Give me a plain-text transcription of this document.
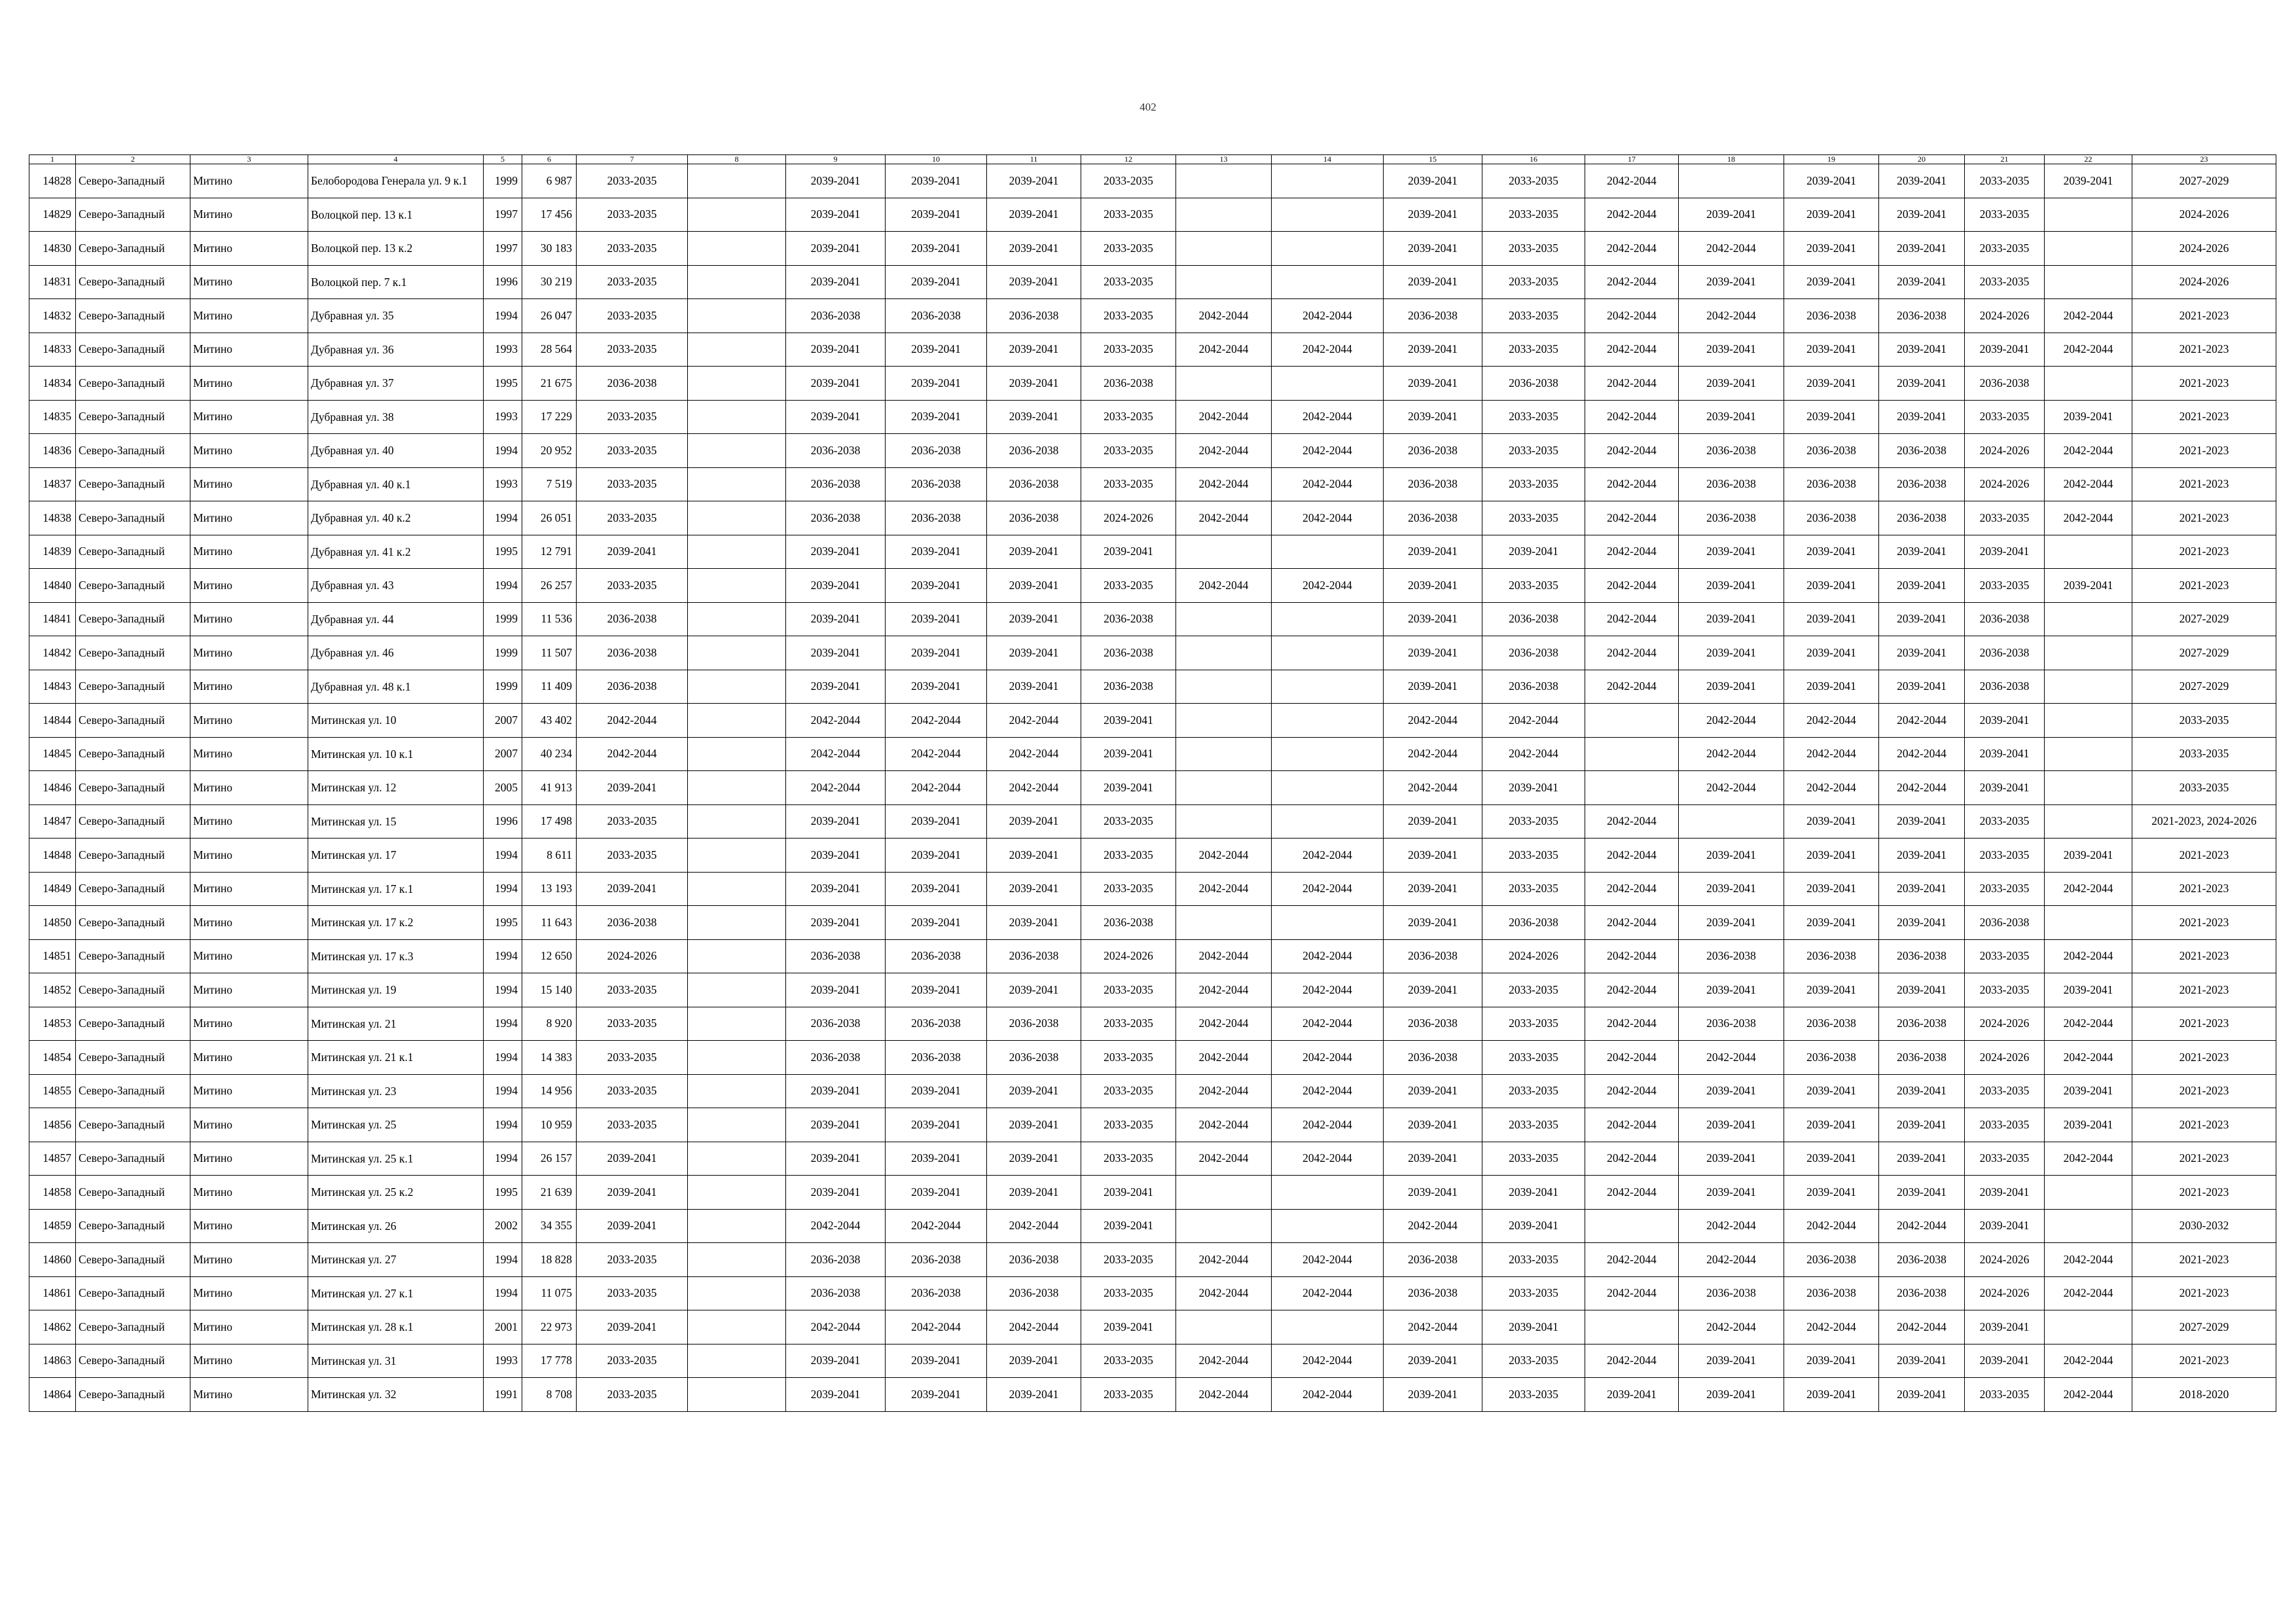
402
1	2	3	4	5	6	7	8	9	10	11	12	13	14	15	16	17	18	19	20	21	22	23
14828	Северо-Западный	Митино	Белобородова Генерала ул. 9 к.1	1999	6 987	2033-2035		2039-2041	2039-2041	2039-2041	2033-2035			2039-2041	2033-2035	2042-2044		2039-2041	2039-2041	2033-2035	2039-2041	2027-2029
14829	Северо-Западный	Митино	Волоцкой пер. 13 к.1	1997	17 456	2033-2035		2039-2041	2039-2041	2039-2041	2033-2035			2039-2041	2033-2035	2042-2044	2039-2041	2039-2041	2039-2041	2033-2035		2024-2026
14830	Северо-Западный	Митино	Волоцкой пер. 13 к.2	1997	30 183	2033-2035		2039-2041	2039-2041	2039-2041	2033-2035			2039-2041	2033-2035	2042-2044	2042-2044	2039-2041	2039-2041	2033-2035		2024-2026
14831	Северо-Западный	Митино	Волоцкой пер. 7 к.1	1996	30 219	2033-2035		2039-2041	2039-2041	2039-2041	2033-2035			2039-2041	2033-2035	2042-2044	2039-2041	2039-2041	2039-2041	2033-2035		2024-2026
14832	Северо-Западный	Митино	Дубравная ул. 35	1994	26 047	2033-2035		2036-2038	2036-2038	2036-2038	2033-2035	2042-2044	2042-2044	2036-2038	2033-2035	2042-2044	2042-2044	2036-2038	2036-2038	2024-2026	2042-2044	2021-2023
14833	Северо-Западный	Митино	Дубравная ул. 36	1993	28 564	2033-2035		2039-2041	2039-2041	2039-2041	2033-2035	2042-2044	2042-2044	2039-2041	2033-2035	2042-2044	2039-2041	2039-2041	2039-2041	2039-2041	2042-2044	2021-2023
14834	Северо-Западный	Митино	Дубравная ул. 37	1995	21 675	2036-2038		2039-2041	2039-2041	2039-2041	2036-2038			2039-2041	2036-2038	2042-2044	2039-2041	2039-2041	2039-2041	2036-2038		2021-2023
14835	Северо-Западный	Митино	Дубравная ул. 38	1993	17 229	2033-2035		2039-2041	2039-2041	2039-2041	2033-2035	2042-2044	2042-2044	2039-2041	2033-2035	2042-2044	2039-2041	2039-2041	2039-2041	2033-2035	2039-2041	2021-2023
14836	Северо-Западный	Митино	Дубравная ул. 40	1994	20 952	2033-2035		2036-2038	2036-2038	2036-2038	2033-2035	2042-2044	2042-2044	2036-2038	2033-2035	2042-2044	2036-2038	2036-2038	2036-2038	2024-2026	2042-2044	2021-2023
14837	Северо-Западный	Митино	Дубравная ул. 40 к.1	1993	7 519	2033-2035		2036-2038	2036-2038	2036-2038	2033-2035	2042-2044	2042-2044	2036-2038	2033-2035	2042-2044	2036-2038	2036-2038	2036-2038	2024-2026	2042-2044	2021-2023
14838	Северо-Западный	Митино	Дубравная ул. 40 к.2	1994	26 051	2033-2035		2036-2038	2036-2038	2036-2038	2024-2026	2042-2044	2042-2044	2036-2038	2033-2035	2042-2044	2036-2038	2036-2038	2036-2038	2033-2035	2042-2044	2021-2023
14839	Северо-Западный	Митино	Дубравная ул. 41 к.2	1995	12 791	2039-2041		2039-2041	2039-2041	2039-2041	2039-2041			2039-2041	2039-2041	2042-2044	2039-2041	2039-2041	2039-2041	2039-2041		2021-2023
14840	Северо-Западный	Митино	Дубравная ул. 43	1994	26 257	2033-2035		2039-2041	2039-2041	2039-2041	2033-2035	2042-2044	2042-2044	2039-2041	2033-2035	2042-2044	2039-2041	2039-2041	2039-2041	2033-2035	2039-2041	2021-2023
14841	Северо-Западный	Митино	Дубравная ул. 44	1999	11 536	2036-2038		2039-2041	2039-2041	2039-2041	2036-2038			2039-2041	2036-2038	2042-2044	2039-2041	2039-2041	2039-2041	2036-2038		2027-2029
14842	Северо-Западный	Митино	Дубравная ул. 46	1999	11 507	2036-2038		2039-2041	2039-2041	2039-2041	2036-2038			2039-2041	2036-2038	2042-2044	2039-2041	2039-2041	2039-2041	2036-2038		2027-2029
14843	Северо-Западный	Митино	Дубравная ул. 48 к.1	1999	11 409	2036-2038		2039-2041	2039-2041	2039-2041	2036-2038			2039-2041	2036-2038	2042-2044	2039-2041	2039-2041	2039-2041	2036-2038		2027-2029
14844	Северо-Западный	Митино	Митинская ул. 10	2007	43 402	2042-2044		2042-2044	2042-2044	2042-2044	2039-2041			2042-2044	2042-2044		2042-2044	2042-2044	2042-2044	2039-2041		2033-2035
14845	Северо-Западный	Митино	Митинская ул. 10 к.1	2007	40 234	2042-2044		2042-2044	2042-2044	2042-2044	2039-2041			2042-2044	2042-2044		2042-2044	2042-2044	2042-2044	2039-2041		2033-2035
14846	Северо-Западный	Митино	Митинская ул. 12	2005	41 913	2039-2041		2042-2044	2042-2044	2042-2044	2039-2041			2042-2044	2039-2041		2042-2044	2042-2044	2042-2044	2039-2041		2033-2035
14847	Северо-Западный	Митино	Митинская ул. 15	1996	17 498	2033-2035		2039-2041	2039-2041	2039-2041	2033-2035			2039-2041	2033-2035	2042-2044		2039-2041	2039-2041	2033-2035		2021-2023, 2024-2026
14848	Северо-Западный	Митино	Митинская ул. 17	1994	8 611	2033-2035		2039-2041	2039-2041	2039-2041	2033-2035	2042-2044	2042-2044	2039-2041	2033-2035	2042-2044	2039-2041	2039-2041	2039-2041	2033-2035	2039-2041	2021-2023
14849	Северо-Западный	Митино	Митинская ул. 17 к.1	1994	13 193	2039-2041		2039-2041	2039-2041	2039-2041	2033-2035	2042-2044	2042-2044	2039-2041	2033-2035	2042-2044	2039-2041	2039-2041	2039-2041	2033-2035	2042-2044	2021-2023
14850	Северо-Западный	Митино	Митинская ул. 17 к.2	1995	11 643	2036-2038		2039-2041	2039-2041	2039-2041	2036-2038			2039-2041	2036-2038	2042-2044	2039-2041	2039-2041	2039-2041	2036-2038		2021-2023
14851	Северо-Западный	Митино	Митинская ул. 17 к.3	1994	12 650	2024-2026		2036-2038	2036-2038	2036-2038	2024-2026	2042-2044	2042-2044	2036-2038	2024-2026	2042-2044	2036-2038	2036-2038	2036-2038	2033-2035	2042-2044	2021-2023
14852	Северо-Западный	Митино	Митинская ул. 19	1994	15 140	2033-2035		2039-2041	2039-2041	2039-2041	2033-2035	2042-2044	2042-2044	2039-2041	2033-2035	2042-2044	2039-2041	2039-2041	2039-2041	2033-2035	2039-2041	2021-2023
14853	Северо-Западный	Митино	Митинская ул. 21	1994	8 920	2033-2035		2036-2038	2036-2038	2036-2038	2033-2035	2042-2044	2042-2044	2036-2038	2033-2035	2042-2044	2036-2038	2036-2038	2036-2038	2024-2026	2042-2044	2021-2023
14854	Северо-Западный	Митино	Митинская ул. 21 к.1	1994	14 383	2033-2035		2036-2038	2036-2038	2036-2038	2033-2035	2042-2044	2042-2044	2036-2038	2033-2035	2042-2044	2042-2044	2036-2038	2036-2038	2024-2026	2042-2044	2021-2023
14855	Северо-Западный	Митино	Митинская ул. 23	1994	14 956	2033-2035		2039-2041	2039-2041	2039-2041	2033-2035	2042-2044	2042-2044	2039-2041	2033-2035	2042-2044	2039-2041	2039-2041	2039-2041	2033-2035	2039-2041	2021-2023
14856	Северо-Западный	Митино	Митинская ул. 25	1994	10 959	2033-2035		2039-2041	2039-2041	2039-2041	2033-2035	2042-2044	2042-2044	2039-2041	2033-2035	2042-2044	2039-2041	2039-2041	2039-2041	2033-2035	2039-2041	2021-2023
14857	Северо-Западный	Митино	Митинская ул. 25 к.1	1994	26 157	2039-2041		2039-2041	2039-2041	2039-2041	2033-2035	2042-2044	2042-2044	2039-2041	2033-2035	2042-2044	2039-2041	2039-2041	2039-2041	2033-2035	2042-2044	2021-2023
14858	Северо-Западный	Митино	Митинская ул. 25 к.2	1995	21 639	2039-2041		2039-2041	2039-2041	2039-2041	2039-2041			2039-2041	2039-2041	2042-2044	2039-2041	2039-2041	2039-2041	2039-2041		2021-2023
14859	Северо-Западный	Митино	Митинская ул. 26	2002	34 355	2039-2041		2042-2044	2042-2044	2042-2044	2039-2041			2042-2044	2039-2041		2042-2044	2042-2044	2042-2044	2039-2041		2030-2032
14860	Северо-Западный	Митино	Митинская ул. 27	1994	18 828	2033-2035		2036-2038	2036-2038	2036-2038	2033-2035	2042-2044	2042-2044	2036-2038	2033-2035	2042-2044	2042-2044	2036-2038	2036-2038	2024-2026	2042-2044	2021-2023
14861	Северо-Западный	Митино	Митинская ул. 27 к.1	1994	11 075	2033-2035		2036-2038	2036-2038	2036-2038	2033-2035	2042-2044	2042-2044	2036-2038	2033-2035	2042-2044	2036-2038	2036-2038	2036-2038	2024-2026	2042-2044	2021-2023
14862	Северо-Западный	Митино	Митинская ул. 28 к.1	2001	22 973	2039-2041		2042-2044	2042-2044	2042-2044	2039-2041			2042-2044	2039-2041		2042-2044	2042-2044	2042-2044	2039-2041		2027-2029
14863	Северо-Западный	Митино	Митинская ул. 31	1993	17 778	2033-2035		2039-2041	2039-2041	2039-2041	2033-2035	2042-2044	2042-2044	2039-2041	2033-2035	2042-2044	2039-2041	2039-2041	2039-2041	2039-2041	2042-2044	2021-2023
14864	Северо-Западный	Митино	Митинская ул. 32	1991	8 708	2033-2035		2039-2041	2039-2041	2039-2041	2033-2035	2042-2044	2042-2044	2039-2041	2033-2035	2039-2041	2039-2041	2039-2041	2039-2041	2033-2035	2042-2044	2018-2020
